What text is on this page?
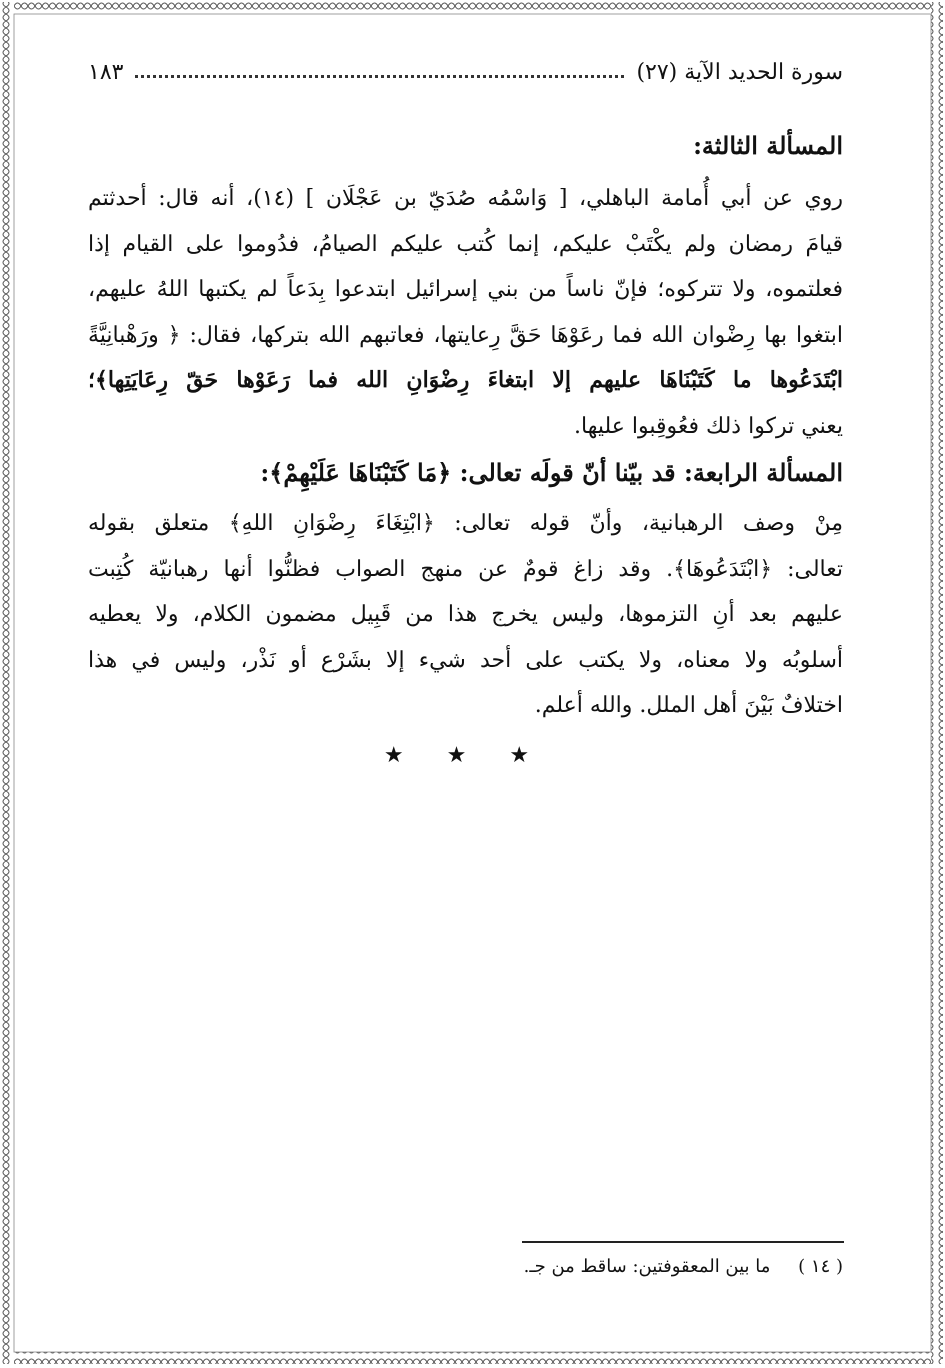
سورة الحديد الآية (٢٧)
١٨٣
المسألة الثالثة:

روي عن أبي أُمامة الباهلي، [ وَاسْمُه صُدَيّ بن عَجْلَان ] (١٤)، أنه قال: أحدثتم
قيامَ رمضان ولم يكْتَبْ عليكم، إنما كُتب عليكم الصيامُ، فدُوموا على القيام إذا
فعلتموه، ولا تتركوه؛ فإنّ ناساً من بني إسرائيل ابتدعوا بِدَعاً لم يكتبها اللهُ عليهم،
ابتغوا بها رِضْوان الله فما رعَوْهَا حَقَّ رِعايتها، فعاتبهم الله بتركها، فقال: ﴿ ورَهْبانِيَّةً
ابْتَدَعُوها ما كَتَبْنَاهَا عليهم إلا ابتغاءَ رِضْوَانِ الله فما رَعَوْها حَقّ رِعَايَتِها﴾؛
يعني تركوا ذلك فعُوقِبوا عليها.

المسألة الرابعة: قد بيّنا أنّ قولَه تعالى: ﴿مَا كَتَبْنَاهَا عَلَيْهِمْ﴾:

مِنْ وصف الرهبانية، وأنّ قوله تعالى: ﴿ابْتِغَاءَ رِضْوَانِ اللهِ﴾ متعلق بقوله
تعالى: ﴿ابْتَدَعُوهَا﴾. وقد زاغ قومٌ عن منهج الصواب فظنُّوا أنها رهبانيّة كُتِبت
عليهم بعد أنِ التزموها، وليس يخرج هذا من قَبِيل مضمون الكلام، ولا يعطيه
أسلوبُه ولا معناه، ولا يكتب على أحد شيء إلا بشَرْع أو نَذْر، وليس في هذا
اختلافٌ بَيْنَ أهل الملل. والله أعلم.

★ ★ ★
( ١٤ ) ما بين المعقوفتين: ساقط من جـ.
